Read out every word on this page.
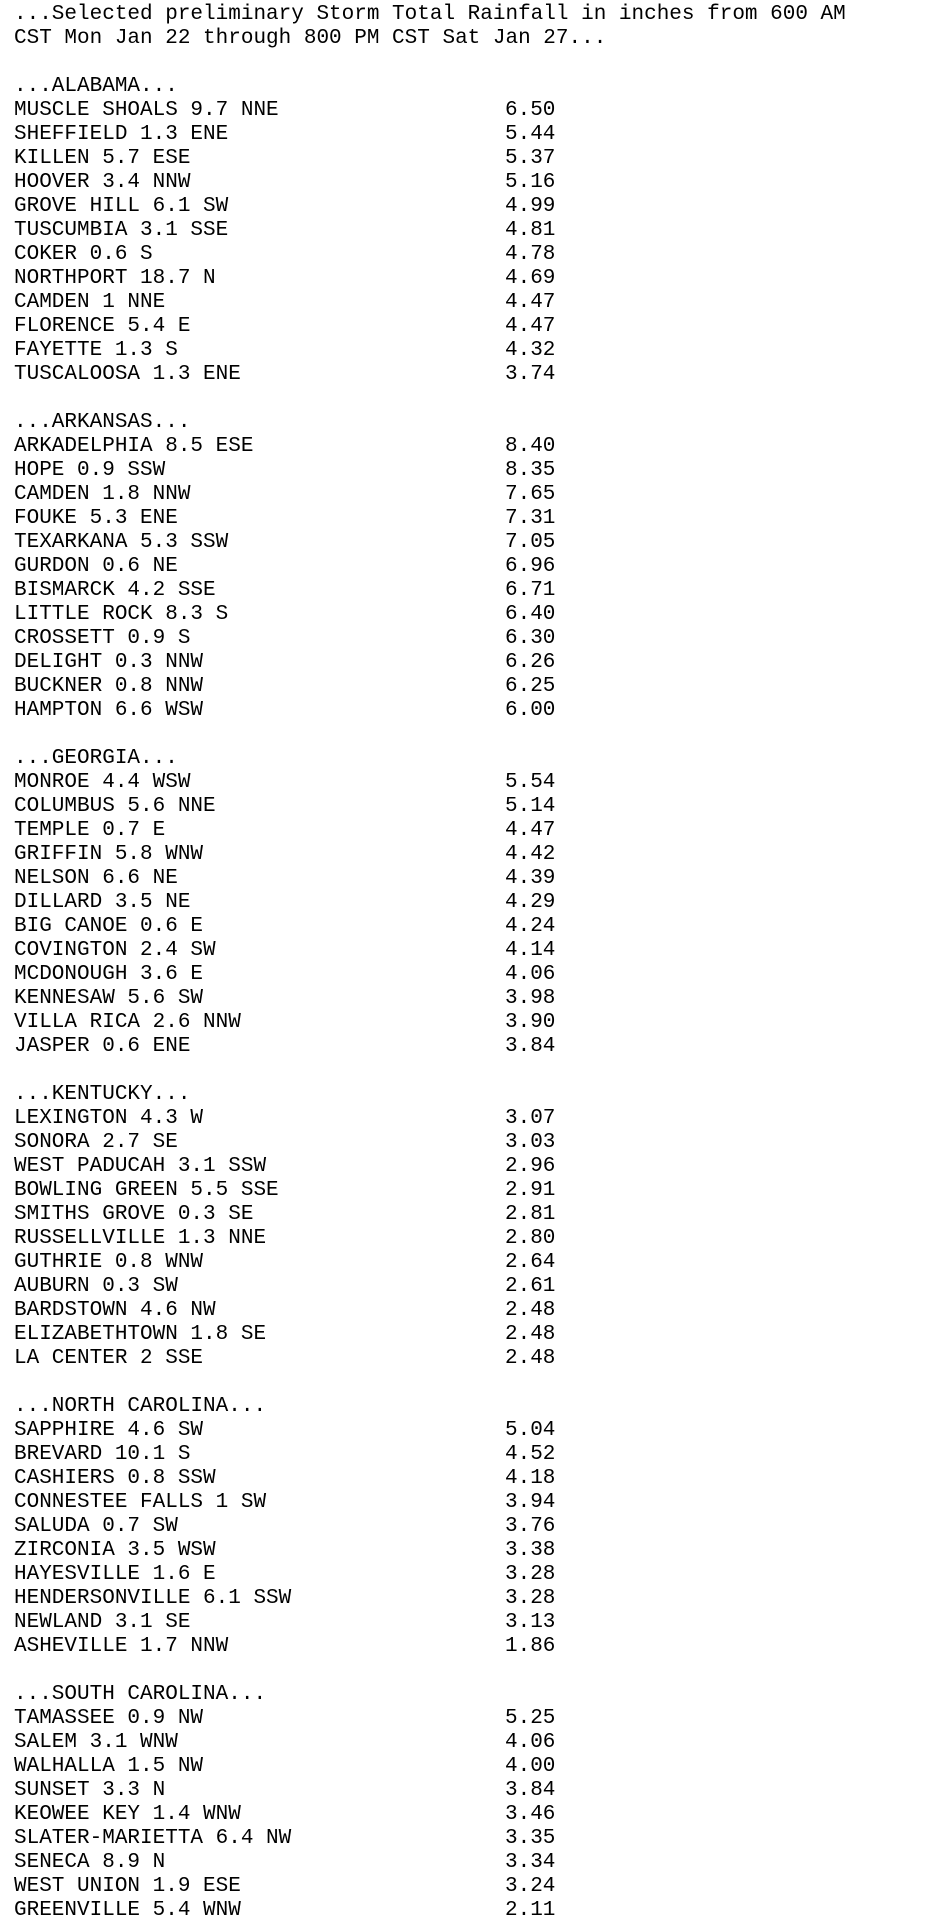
...Selected preliminary Storm Total Rainfall in inches from 600 AM
CST Mon Jan 22 through 800 PM CST Sat Jan 27...
...ALABAMA...
MUSCLE SHOALS 9.7 NNE	6.50
SHEFFIELD 1.3 ENE	5.44
KILLEN 5.7 ESE	5.37
HOOVER 3.4 NNW	5.16
GROVE HILL 6.1 SW	4.99
TUSCUMBIA 3.1 SSE	4.81
COKER 0.6 S	4.78
NORTHPORT 18.7 N	4.69
CAMDEN 1 NNE	4.47
FLORENCE 5.4 E	4.47
FAYETTE 1.3 S	4.32
TUSCALOOSA 1.3 ENE	3.74
...ARKANSAS...
ARKADELPHIA 8.5 ESE	8.40
HOPE 0.9 SSW	8.35
CAMDEN 1.8 NNW	7.65
FOUKE 5.3 ENE	7.31
TEXARKANA 5.3 SSW	7.05
GURDON 0.6 NE	6.96
BISMARCK 4.2 SSE	6.71
LITTLE ROCK 8.3 S	6.40
CROSSETT 0.9 S	6.30
DELIGHT 0.3 NNW	6.26
BUCKNER 0.8 NNW	6.25
HAMPTON 6.6 WSW	6.00
...GEORGIA...
MONROE 4.4 WSW	5.54
COLUMBUS 5.6 NNE	5.14
TEMPLE 0.7 E	4.47
GRIFFIN 5.8 WNW	4.42
NELSON 6.6 NE	4.39
DILLARD 3.5 NE	4.29
BIG CANOE 0.6 E	4.24
COVINGTON 2.4 SW	4.14
MCDONOUGH 3.6 E	4.06
KENNESAW 5.6 SW	3.98
VILLA RICA 2.6 NNW	3.90
JASPER 0.6 ENE	3.84
...KENTUCKY...
LEXINGTON 4.3 W	3.07
SONORA 2.7 SE	3.03
WEST PADUCAH 3.1 SSW	2.96
BOWLING GREEN 5.5 SSE	2.91
SMITHS GROVE 0.3 SE	2.81
RUSSELLVILLE 1.3 NNE	2.80
GUTHRIE 0.8 WNW	2.64
AUBURN 0.3 SW	2.61
BARDSTOWN 4.6 NW	2.48
ELIZABETHTOWN 1.8 SE	2.48
LA CENTER 2 SSE	2.48
...NORTH CAROLINA...
SAPPHIRE 4.6 SW	5.04
BREVARD 10.1 S	4.52
CASHIERS 0.8 SSW	4.18
CONNESTEE FALLS 1 SW	3.94
SALUDA 0.7 SW	3.76
ZIRCONIA 3.5 WSW	3.38
HAYESVILLE 1.6 E	3.28
HENDERSONVILLE 6.1 SSW	3.28
NEWLAND 3.1 SE	3.13
ASHEVILLE 1.7 NNW	1.86
...SOUTH CAROLINA...
TAMASSEE 0.9 NW	5.25
SALEM 3.1 WNW	4.06
WALHALLA 1.5 NW	4.00
SUNSET 3.3 N	3.84
KEOWEE KEY 1.4 WNW	3.46
SLATER-MARIETTA 6.4 NW	3.35
SENECA 8.9 N	3.34
WEST UNION 1.9 ESE	3.24
GREENVILLE 5.4 WNW	2.11
